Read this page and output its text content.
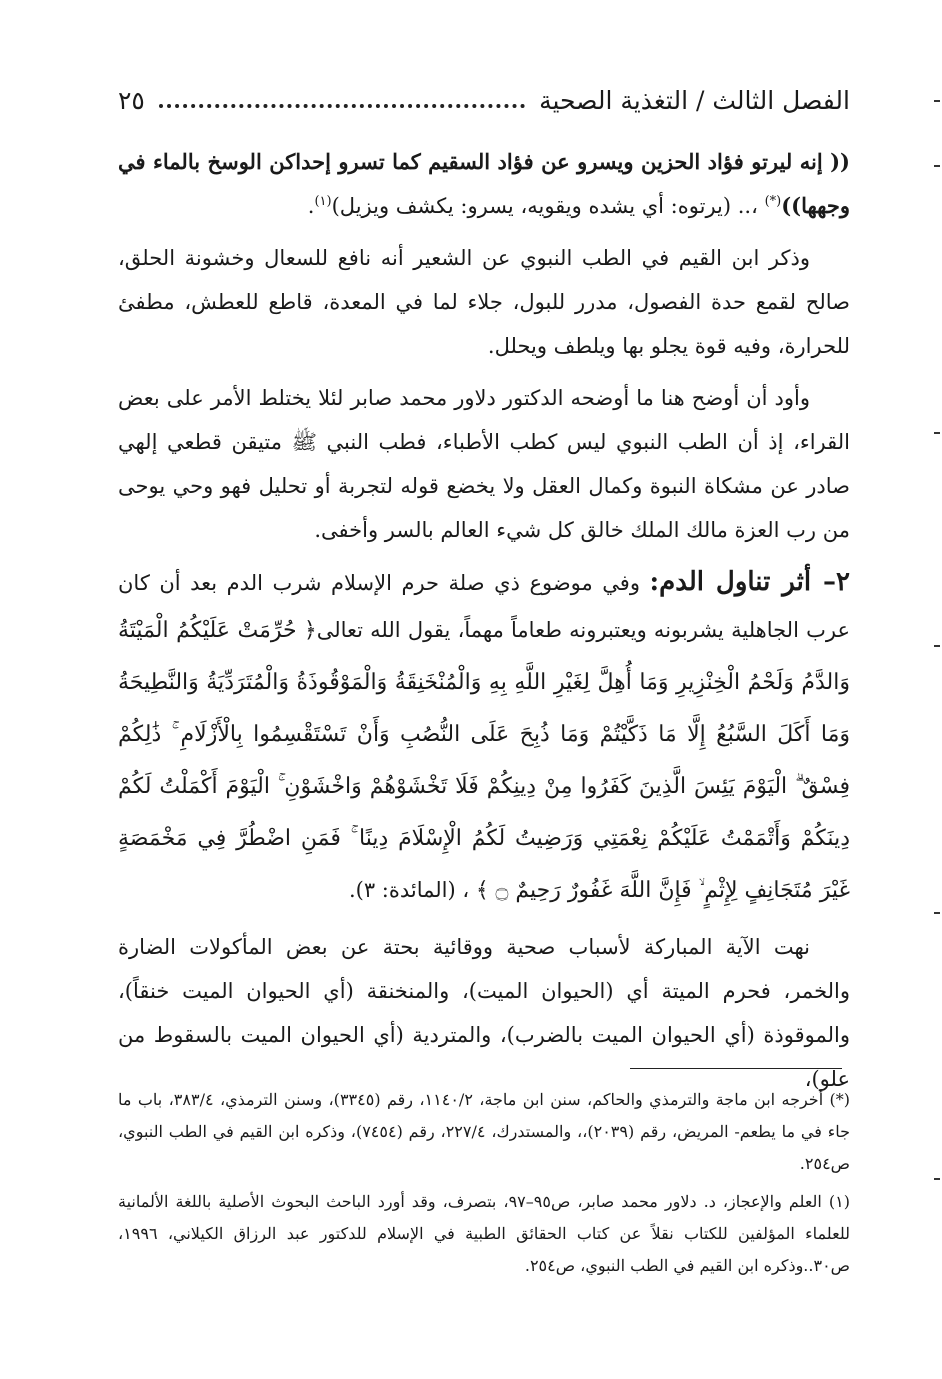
الفصل الثالث / التغذية الصحية
٢٥

(( إنه ليرتو فؤاد الحزين ويسرو عن فؤاد السقيم كما تسرو إحداكن الوسخ بالماء في وجهها))(*) ،.. (يرتوه: أي يشده ويقويه، يسرو: يكشف ويزيل)$^{(١)}$.

وذكر ابن القيم في الطب النبوي عن الشعير أنه نافع للسعال وخشونة الحلق، صالح لقمع حدة الفصول، مدرر للبول، جلاء لما في المعدة، قاطع للعطش، مطفئ للحرارة، وفيه قوة يجلو بها ويلطف ويحلل.

وأود أن أوضح هنا ما أوضحه الدكتور دلاور محمد صابر لئلا يختلط الأمر على بعض القراء، إذ أن الطب النبوي ليس كطب الأطباء، فطب النبي ﷺ متيقن قطعي إلهي صادر عن مشكاة النبوة وكمال العقل ولا يخضع قوله لتجربة أو تحليل فهو وحي يوحى من رب العزة مالك الملك خالق كل شيء العالم بالسر وأخفى.

٢– أثر تناول الدم: وفي موضوع ذي صلة حرم الإسلام شرب الدم بعد أن كان عرب الجاهلية يشربونه ويعتبرونه طعاماً مهماً، يقول الله تعالى﴿ حُرِّمَتْ عَلَيْكُمُ الْمَيْتَةُ وَالدَّمُ وَلَحْمُ الْخِنْزِيرِ وَمَا أُهِلَّ لِغَيْرِ اللَّهِ بِهِ وَالْمُنْخَنِقَةُ وَالْمَوْقُوذَةُ وَالْمُتَرَدِّيَةُ وَالنَّطِيحَةُ وَمَا أَكَلَ السَّبُعُ إِلَّا مَا ذَكَّيْتُمْ وَمَا ذُبِحَ عَلَى النُّصُبِ وَأَنْ تَسْتَقْسِمُوا بِالْأَزْلَامِ ۚ ذَٰلِكُمْ فِسْقٌ ۗ الْيَوْمَ يَئِسَ الَّذِينَ كَفَرُوا مِنْ دِينِكُمْ فَلَا تَخْشَوْهُمْ وَاخْشَوْنِ ۚ الْيَوْمَ أَكْمَلْتُ لَكُمْ دِينَكُمْ وَأَتْمَمْتُ عَلَيْكُمْ نِعْمَتِي وَرَضِيتُ لَكُمُ الْإِسْلَامَ دِينًا ۚ فَمَنِ اضْطُرَّ فِي مَخْمَصَةٍ غَيْرَ مُتَجَانِفٍ لِإِثْمٍ ۙ فَإِنَّ اللَّهَ غَفُورٌ رَحِيمٌ ۝ ﴾ ، (المائدة: ٣).

نهت الآية المباركة لأسباب صحية ووقائية بحتة عن بعض المأكولات الضارة والخمر، فحرم الميتة أي (الحيوان الميت)، والمنخنقة (أي الحيوان الميت خنقاً)، والموقوذة (أي الحيوان الميت بالضرب)، والمتردية (أي الحيوان الميت بالسقوط من علو)،

(*) أخرجه ابن ماجة والترمذي والحاكم، سنن ابن ماجة، ١١٤٠/٢، رقم (٣٣٤٥)، وسنن الترمذي، ٣٨٣/٤، باب ما جاء في ما يطعم- المريض، رقم (٢٠٣٩)،، والمستدرك، ٢٢٧/٤، رقم (٧٤٥٤)، وذكره ابن القيم في الطب النبوي، ص٢٥٤.

(١) العلم والإعجاز، د. دلاور محمد صابر، ص٩٥–٩٧، بتصرف، وقد أورد الباحث البحوث الأصلية باللغة الألمانية للعلماء المؤلفين للكتاب نقلاً عن كتاب الحقائق الطبية في الإسلام للدكتور عبد الرزاق الكيلاني، ١٩٩٦، ص٣٠..وذكره ابن القيم في الطب النبوي، ص٢٥٤.
